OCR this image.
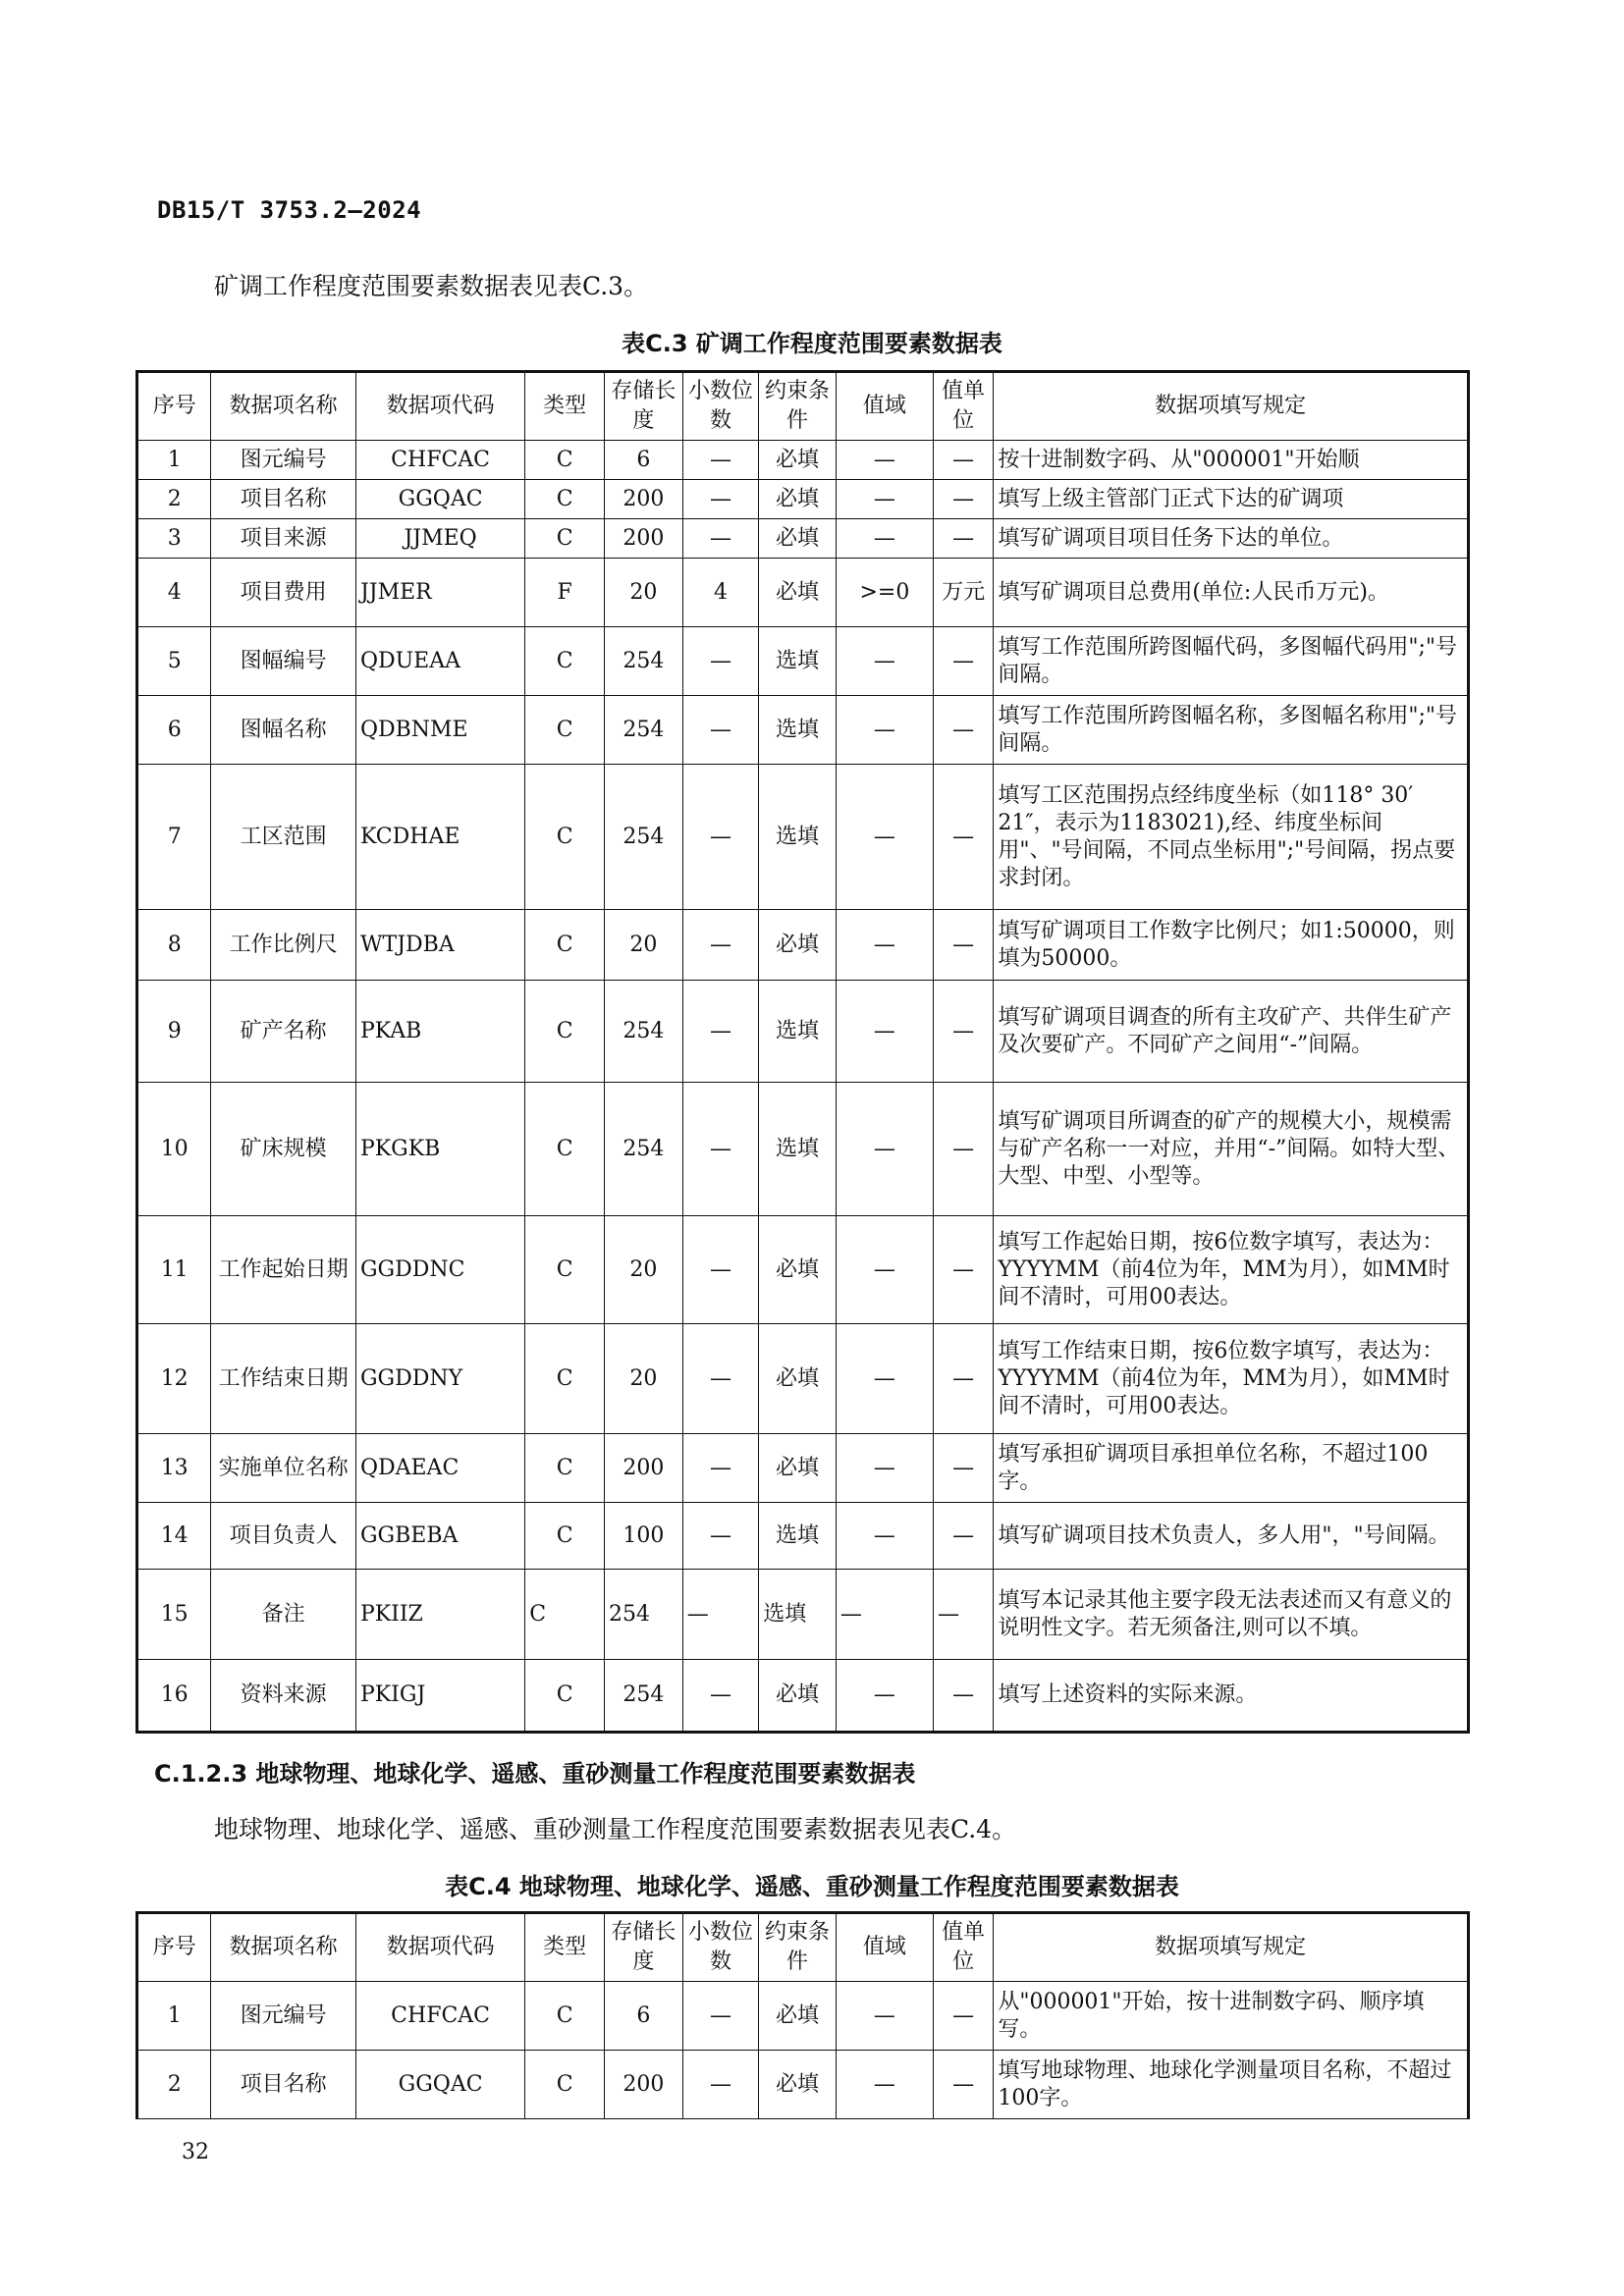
DB15/T 3753.2—2024
矿调工作程度范围要素数据表见表C.3。
表C.3 矿调工作程度范围要素数据表
序号	数据项名称	数据项代码	类型	存储长度	小数位数	约束条件	值域	值单位	数据项填写规定
1	图元编号	CHFCAC	C	6	—	必填	—	—	按十进制数字码、从"000001"开始顺
2	项目名称	GGQAC	C	200	—	必填	—	—	填写上级主管部门正式下达的矿调项
3	项目来源	JJMEQ	C	200	—	必填	—	—	填写矿调项目项目任务下达的单位。
4	项目费用	JJMER	F	20	4	必填	>=0	万元	填写矿调项目总费用(单位:人民币万元)。
5	图幅编号	QDUEAA	C	254	—	选填	—	—	填写工作范围所跨图幅代码，多图幅代码用";"号间隔。
6	图幅名称	QDBNME	C	254	—	选填	—	—	填写工作范围所跨图幅名称，多图幅名称用";"号间隔。
7	工区范围	KCDHAE	C	254	—	选填	—	—	填写工区范围拐点经纬度坐标（如118° 30′ 21″，表示为1183021),经、纬度坐标间用"、"号间隔，不同点坐标用";"号间隔，拐点要求封闭。
8	工作比例尺	WTJDBA	C	20	—	必填	—	—	填写矿调项目工作数字比例尺；如1:50000，则填为50000。
9	矿产名称	PKAB	C	254	—	选填	—	—	填写矿调项目调查的所有主攻矿产、共伴生矿产及次要矿产。不同矿产之间用“-”间隔。
10	矿床规模	PKGKB	C	254	—	选填	—	—	填写矿调项目所调查的矿产的规模大小，规模需与矿产名称一一对应，并用“-”间隔。如特大型、大型、中型、小型等。
11	工作起始日期	GGDDNC	C	20	—	必填	—	—	填写工作起始日期，按6位数字填写，表达为：YYYYMM（前4位为年，MM为月），如MM时间不清时，可用00表达。
12	工作结束日期	GGDDNY	C	20	—	必填	—	—	填写工作结束日期，按6位数字填写，表达为：YYYYMM（前4位为年，MM为月），如MM时间不清时，可用00表达。
13	实施单位名称	QDAEAC	C	200	—	必填	—	—	填写承担矿调项目承担单位名称，不超过100字。
14	项目负责人	GGBEBA	C	100	—	选填	—	—	填写矿调项目技术负责人，多人用"，"号间隔。
15	备注	PKIIZ	C	254	—	选填	—	—	填写本记录其他主要字段无法表述而又有意义的说明性文字。若无须备注,则可以不填。
16	资料来源	PKIGJ	C	254	—	必填	—	—	填写上述资料的实际来源。
C.1.2.3 地球物理、地球化学、遥感、重砂测量工作程度范围要素数据表
地球物理、地球化学、遥感、重砂测量工作程度范围要素数据表见表C.4。
表C.4 地球物理、地球化学、遥感、重砂测量工作程度范围要素数据表
序号	数据项名称	数据项代码	类型	存储长度	小数位数	约束条件	值域	值单位	数据项填写规定
1	图元编号	CHFCAC	C	6	—	必填	—	—	从"000001"开始，按十进制数字码、顺序填写。
2	项目名称	GGQAC	C	200	—	必填	—	—	填写地球物理、地球化学测量项目名称，不超过100字。
32
